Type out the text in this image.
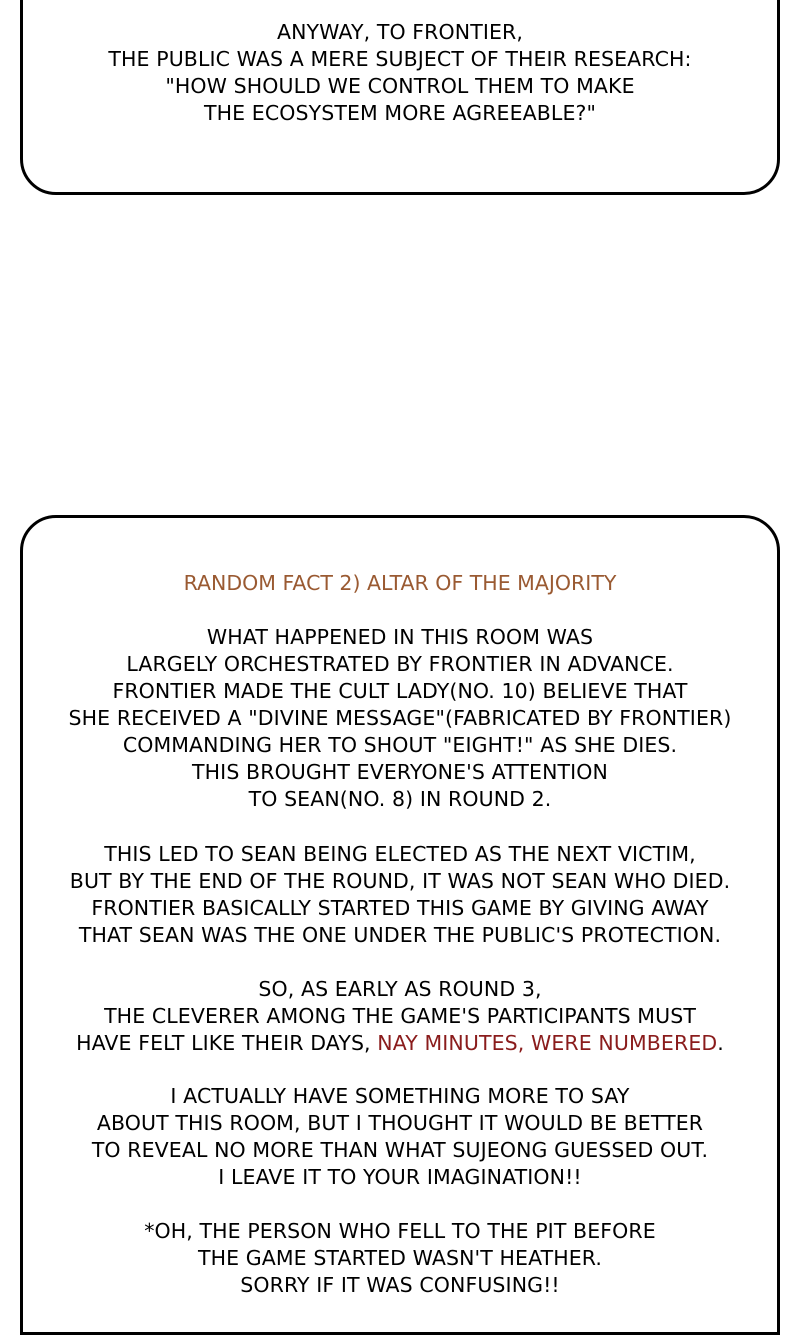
ANYWAY, TO FRONTIER,
THE PUBLIC WAS A MERE SUBJECT OF THEIR RESEARCH:
"HOW SHOULD WE CONTROL THEM TO MAKE
THE ECOSYSTEM MORE AGREEABLE?"
RANDOM FACT 2) ALTAR OF THE MAJORITY
WHAT HAPPENED IN THIS ROOM WAS
LARGELY ORCHESTRATED BY FRONTIER IN ADVANCE.
FRONTIER MADE THE CULT LADY(NO. 10) BELIEVE THAT
SHE RECEIVED A "DIVINE MESSAGE"(FABRICATED BY FRONTIER)
COMMANDING HER TO SHOUT "EIGHT!" AS SHE DIES.
THIS BROUGHT EVERYONE'S ATTENTION
TO SEAN(NO. 8) IN ROUND 2.
THIS LED TO SEAN BEING ELECTED AS THE NEXT VICTIM,
BUT BY THE END OF THE ROUND, IT WAS NOT SEAN WHO DIED.
FRONTIER BASICALLY STARTED THIS GAME BY GIVING AWAY
THAT SEAN WAS THE ONE UNDER THE PUBLIC'S PROTECTION.
SO, AS EARLY AS ROUND 3,
THE CLEVERER AMONG THE GAME'S PARTICIPANTS MUST
HAVE FELT LIKE THEIR DAYS, NAY MINUTES, WERE NUMBERED.
I ACTUALLY HAVE SOMETHING MORE TO SAY
ABOUT THIS ROOM, BUT I THOUGHT IT WOULD BE BETTER
TO REVEAL NO MORE THAN WHAT SUJEONG GUESSED OUT.
I LEAVE IT TO YOUR IMAGINATION!!
*OH, THE PERSON WHO FELL TO THE PIT BEFORE
THE GAME STARTED WASN'T HEATHER.
SORRY IF IT WAS CONFUSING!!
